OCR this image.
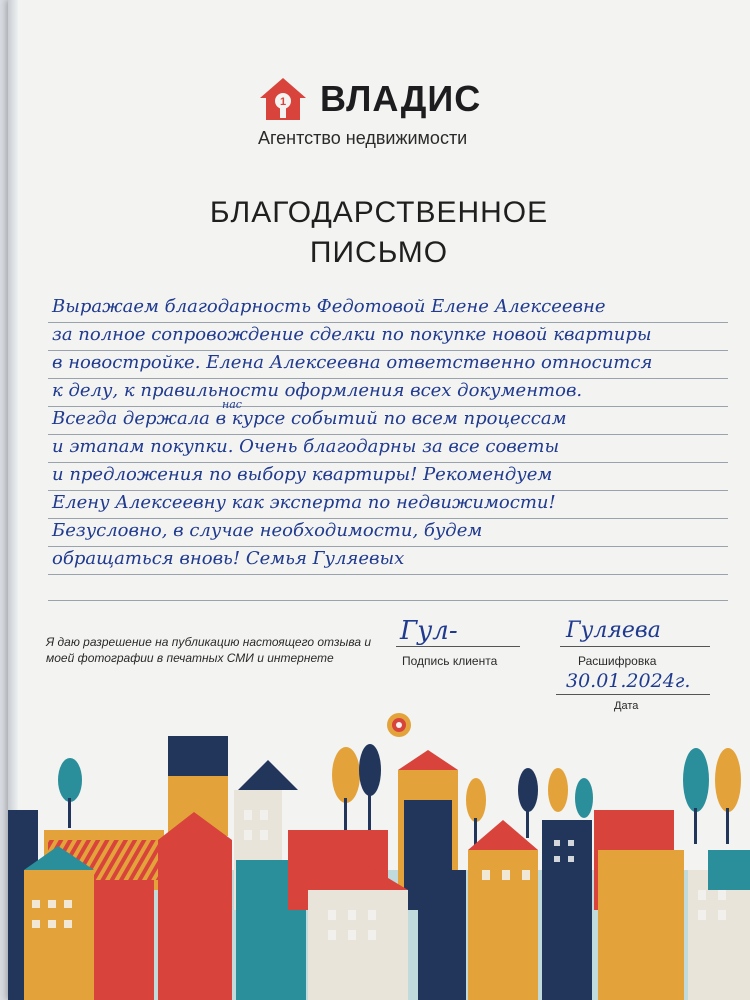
1 ВЛАДИС
Агентство недвижимости
БЛАГОДАРСТВЕННОЕ
ПИСЬМО
Выражаем благодарность Федотовой Елене Алексеевне
за полное сопровождение сделки по покупке новой квартиры
в новостройке. Елена Алексеевна ответственно относится
к делу, к правильности оформления всех документов.
Всегда держала в курсе событий по всем процессам
и этапам покупки. Очень благодарны за все советы
и предложения по выбору квартиры! Рекомендуем
Елену Алексеевну как эксперта по недвижимости!
Безусловно, в случае необходимости, будем
обращаться вновь! Семья Гуляевых
нас
Я даю разрешение на публикацию настоящего отзыва и моей фотографии в печатных СМИ и интернете
Гул-
Подпись клиента
Гуляева
Расшифровка
30.01.2024г.
Дата
